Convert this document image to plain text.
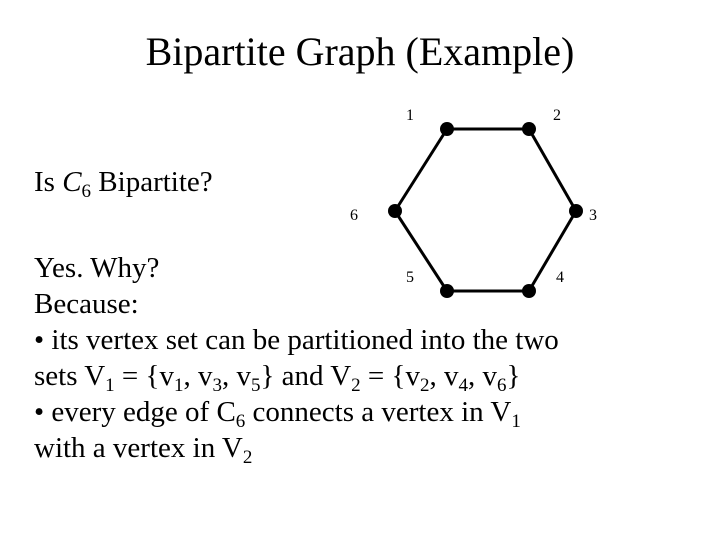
Bipartite Graph (Example)
Is $C_6$ Bipartite?
1	2
3
4
5
6
Yes. Why?
Because:
• its vertex set can be partitioned into the two
sets $V_1 = \{v_1$, $v_3$, $v_5$} and $V_2 = \{v_2$, $v_4$, $v_6$}
• every edge of $C_6$ connects a vertex in $V_1$
with a vertex in $V_2$
